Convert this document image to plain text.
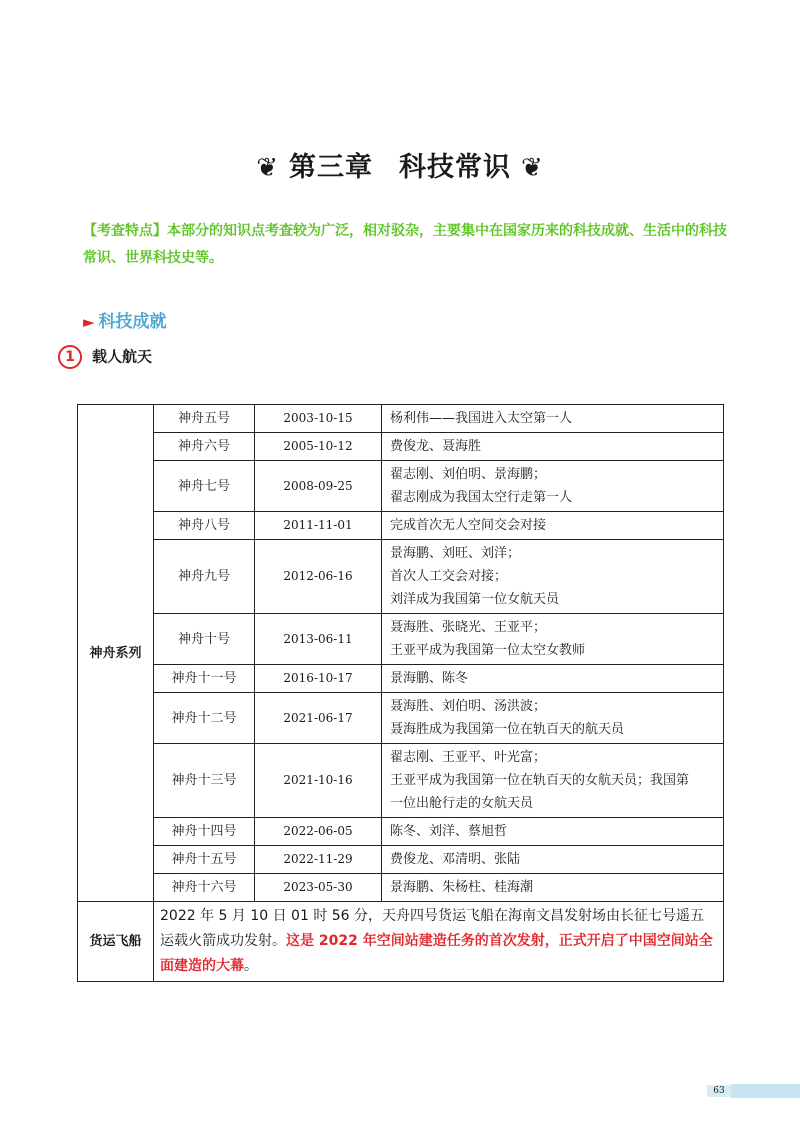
❦ 第三章 科技常识 ❦
【考查特点】本部分的知识点考查较为广泛，相对驳杂，主要集中在国家历来的科技成就、生活中的科技常识、世界科技史等。
► 科技成就
1 载人航天
神舟系列	神舟五号	2003-10-15	杨利伟——我国进入太空第一人

	神舟六号	2005-10-12	费俊龙、聂海胜

	神舟七号	2008-09-25	翟志刚、刘伯明、景海鹏；
翟志刚成为我国太空行走第一人

	神舟八号	2011-11-01	完成首次无人空间交会对接

	神舟九号	2012-06-16	景海鹏、刘旺、刘洋；
首次人工交会对接；
刘洋成为我国第一位女航天员

	神舟十号	2013-06-11	聂海胜、张晓光、王亚平；
王亚平成为我国第一位太空女教师

	神舟十一号	2016-10-17	景海鹏、陈冬

	神舟十二号	2021-06-17	聂海胜、刘伯明、汤洪波；
聂海胜成为我国第一位在轨百天的航天员

	神舟十三号	2021-10-16	翟志刚、王亚平、叶光富；
王亚平成为我国第一位在轨百天的女航天员；我国第
一位出舱行走的女航天员

	神舟十四号	2022-06-05	陈冬、刘洋、蔡旭哲

	神舟十五号	2022-11-29	费俊龙、邓清明、张陆

	神舟十六号	2023-05-30	景海鹏、朱杨柱、桂海潮

货运飞船	2022 年 5 月 10 日 01 时 56 分，天舟四号货运飞船在海南文昌发射场由长征七号遥五运载火箭成功发射。这是 2022 年空间站建造任务的首次发射，正式开启了中国空间站全面建造的大幕。		
63
